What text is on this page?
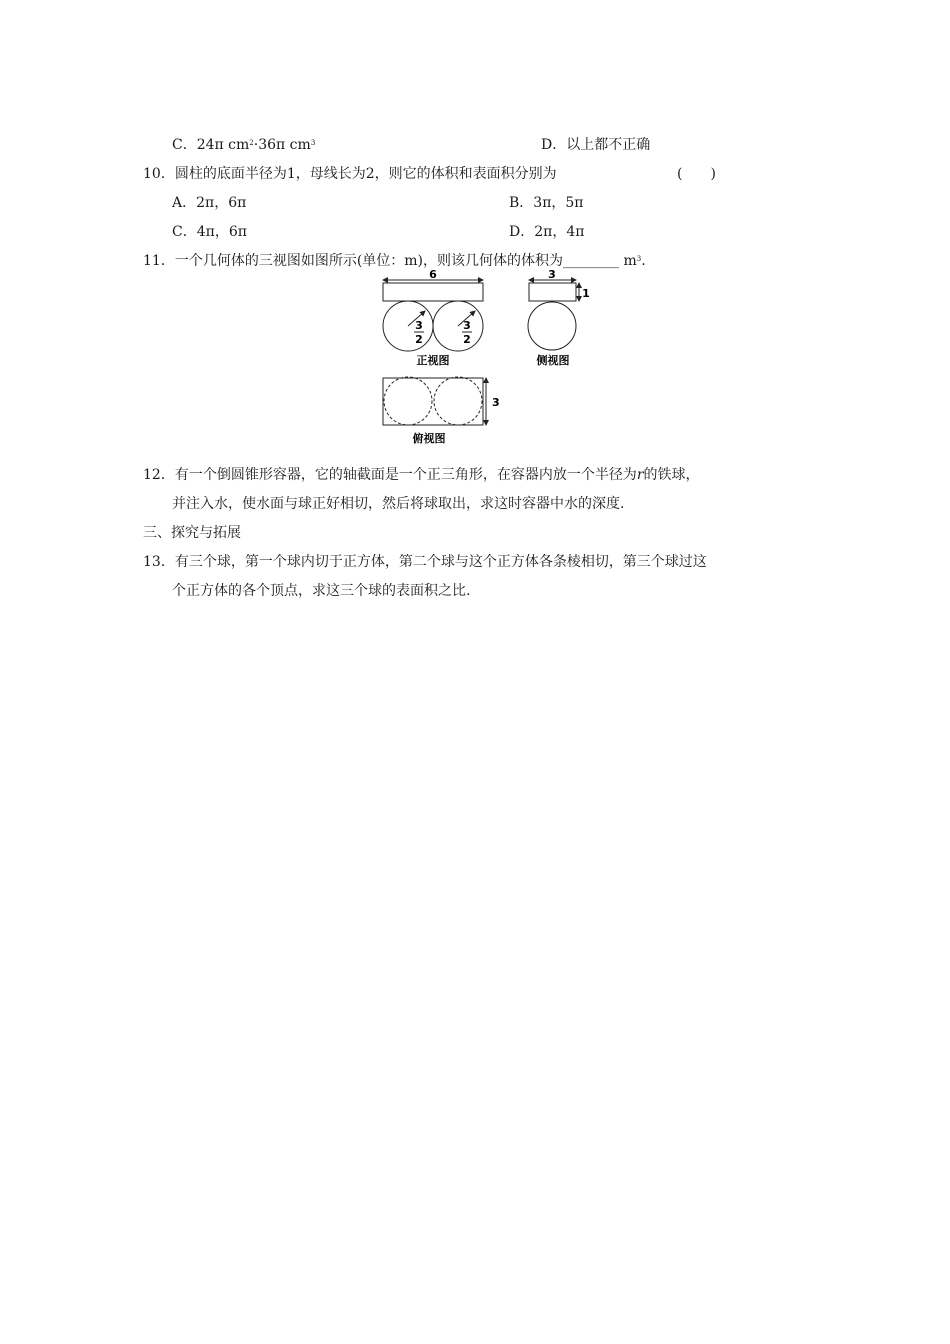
C．24π $cm^2\cdot 36\pi$ $cm^3$	D．以上都不正确
10．圆柱的底面半径为1，母线长为2，则它的体积和表面积分别为	(　　)
A．2π，6π	B．3π，5π
C．4π，6π	D．2π，4π
11．一个几何体的三视图如图所示(单位：m)，则该几何体的体积为________ $m^3$.
6
3
2
3
2
正视图
3
1
侧视图
3
俯视图
12．有一个倒圆锥形容器，它的轴截面是一个正三角形，在容器内放一个半径为r的铁球，
并注入水，使水面与球正好相切，然后将球取出，求这时容器中水的深度.
三、探究与拓展
13．有三个球，第一个球内切于正方体，第二个球与这个正方体各条棱相切，第三个球过这
个正方体的各个顶点，求这三个球的表面积之比.
